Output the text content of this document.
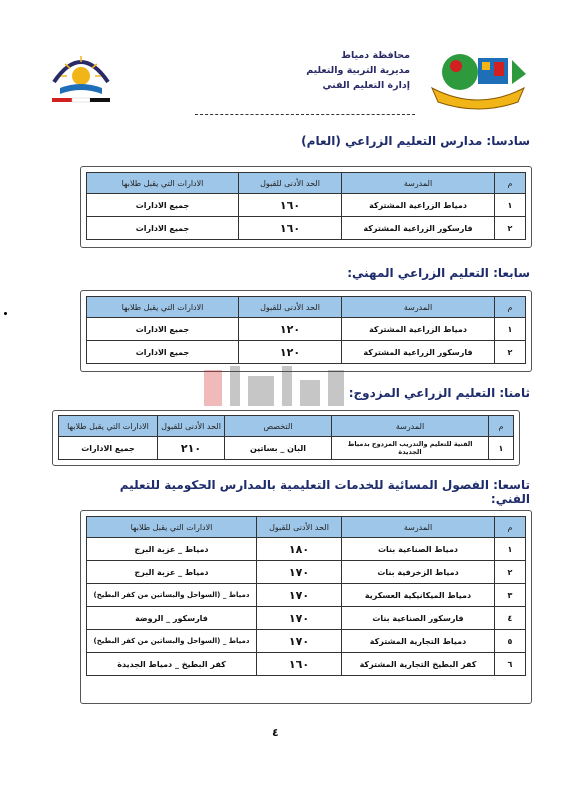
محافظة دمياط
مديرية التربية والتعليم
إدارة التعليم الفني
سادسا: مدارس التعليم الزراعي (العام)
م	المدرسة	الحد الأدنى للقبول	الادارات التي يقبل طلابها
١	دمياط الزراعية المشتركة	١٦٠	جميع الادارات
٢	فارسكور الزراعية المشتركة	١٦٠	جميع الادارات
سابعا: التعليم الزراعي المهني:
م	المدرسة	الحد الأدنى للقبول	الادارات التي يقبل طلابها
١	دمياط الزراعية المشتركة	١٢٠	جميع الادارات
٢	فارسكور الزراعية المشتركة	١٢٠	جميع الادارات
ثامنا: التعليم الزراعي المزدوج:
م	المدرسة	التخصص	الحد الأدنى للقبول	الادارات التي يقبل طلابها
١	الفنية للتعليم والتدريب المزدوج بدمياط الجديدة	البان _ بساتين	٢١٠	جميع الادارات
تاسعا: الفصول المسائية للخدمات التعليمية بالمدارس الحكومية للتعليم الفني:
م	المدرسة	الحد الأدنى للقبول	الادارات التي يقبل طلابها
١	دمياط الصناعية بنات	١٨٠	دمياط _ عزبة البرج
٢	دمياط الزخرفية بنات	١٧٠	دمياط _ عزبة البرج
٣	دمياط الميكانيكية العسكرية	١٧٠	دمياط _ (السواحل والبساتين من كفر البطيخ)
٤	فارسكور الصناعية بنات	١٧٠	فارسكور _ الروضة
٥	دمياط التجارية المشتركة	١٧٠	دمياط _ (السواحل والبساتين من كفر البطيخ)
٦	كفر البطيخ التجارية المشتركة	١٦٠	كفر البطيخ _ دمياط الجديدة
٤
